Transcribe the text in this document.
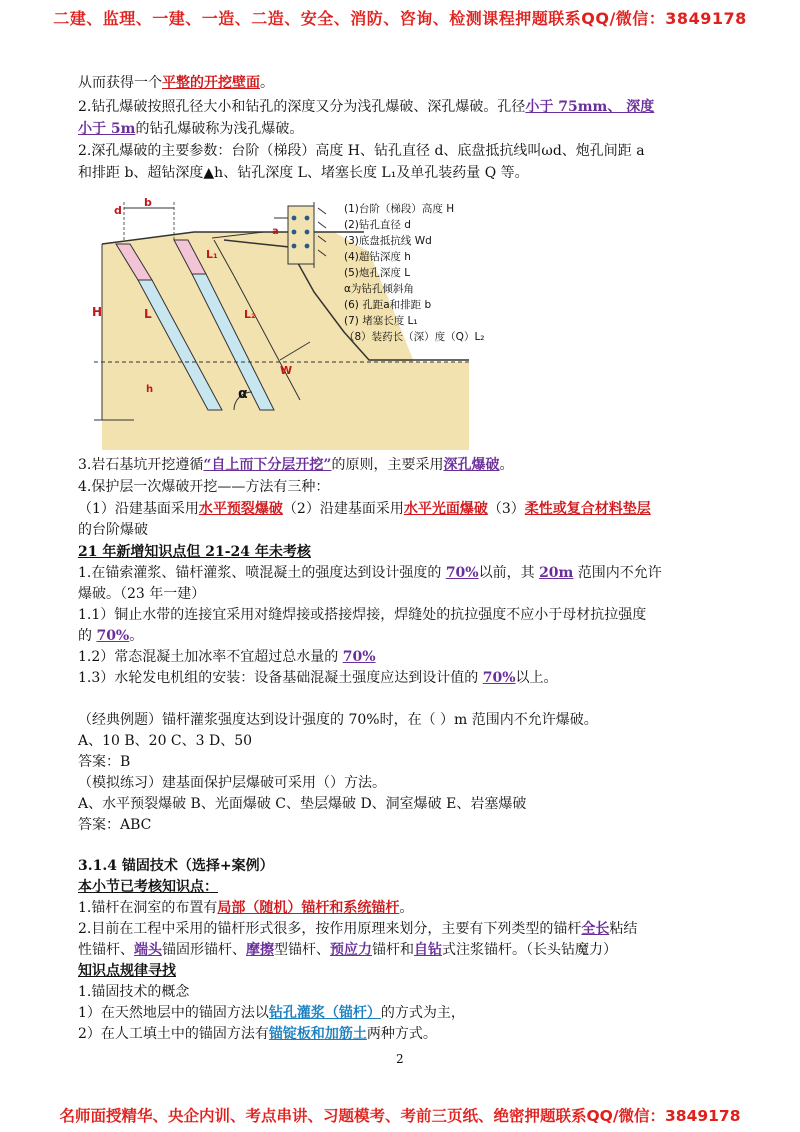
二建、监理、一建、一造、二造、安全、消防、咨询、检测课程押题联系QQ/微信：3849178
从而获得一个平整的开挖壁面。
2.钻孔爆破按照孔径大小和钻孔的深度又分为浅孔爆破、深孔爆破。孔径小于 75mm、 深度
小于 5m的钻孔爆破称为浅孔爆破。
2.深孔爆破的主要参数：台阶（梯段）高度 H、钻孔直径 d、底盘抵抗线叫ωd、炮孔间距 a
和排距 b、超钻深度▲h、钻孔深度 L、堵塞长度 L₁及单孔装药量 Q 等。
b
d
a
H
h
L
L₁
L₂
W
α
(1)台阶（梯段）高度 H
(2)钻孔直径 d
(3)底盘抵抗线 Wd
(4)超钻深度 h
(5)炮孔深度 L
α为钻孔倾斜角
(6) 孔距a和排距 b
(7) 堵塞长度 L₁
（8）装药长（深）度（Q）L₂
3.岩石基坑开挖遵循“自上而下分层开挖”的原则，主要采用深孔爆破。
4.保护层一次爆破开挖——方法有三种：
（1）沿建基面采用水平预裂爆破（2）沿建基面采用水平光面爆破（3）柔性或复合材料垫层
的台阶爆破
21 年新增知识点但 21-24 年未考核
1.在锚索灌浆、锚杆灌浆、喷混凝土的强度达到设计强度的 70%以前，其 20m 范围内不允许
爆破。（23 年一建）
1.1）铜止水带的连接宜采用对缝焊接或搭接焊接，焊缝处的抗拉强度不应小于母材抗拉强度
的 70%。
1.2）常态混凝土加冰率不宜超过总水量的 70%
1.3）水轮发电机组的安装：设备基础混凝土强度应达到设计值的 70%以上。
（经典例题）锚杆灌浆强度达到设计强度的 70%时，在（ ）m 范围内不允许爆破。
A、10 B、20 C、3 D、50
答案：B
（模拟练习）建基面保护层爆破可采用（）方法。
A、水平预裂爆破 B、光面爆破 C、垫层爆破 D、洞室爆破 E、岩塞爆破
答案：ABC
3.1.4 锚固技术（选择+案例）
本小节已考核知识点：
1.锚杆在洞室的布置有局部（随机）锚杆和系统锚杆。
2.目前在工程中采用的锚杆形式很多，按作用原理来划分，主要有下列类型的锚杆全长粘结
性锚杆、端头锚固形锚杆、摩擦型锚杆、预应力锚杆和自钻式注浆锚杆。（长头钻魔力）
知识点规律寻找
1.锚固技术的概念
1）在天然地层中的锚固方法以钻孔灌浆（锚杆）的方式为主，
2）在人工填土中的锚固方法有锚锭板和加筋土两种方式。
2
名师面授精华、央企内训、考点串讲、习题模考、考前三页纸、绝密押题联系QQ/微信：3849178
